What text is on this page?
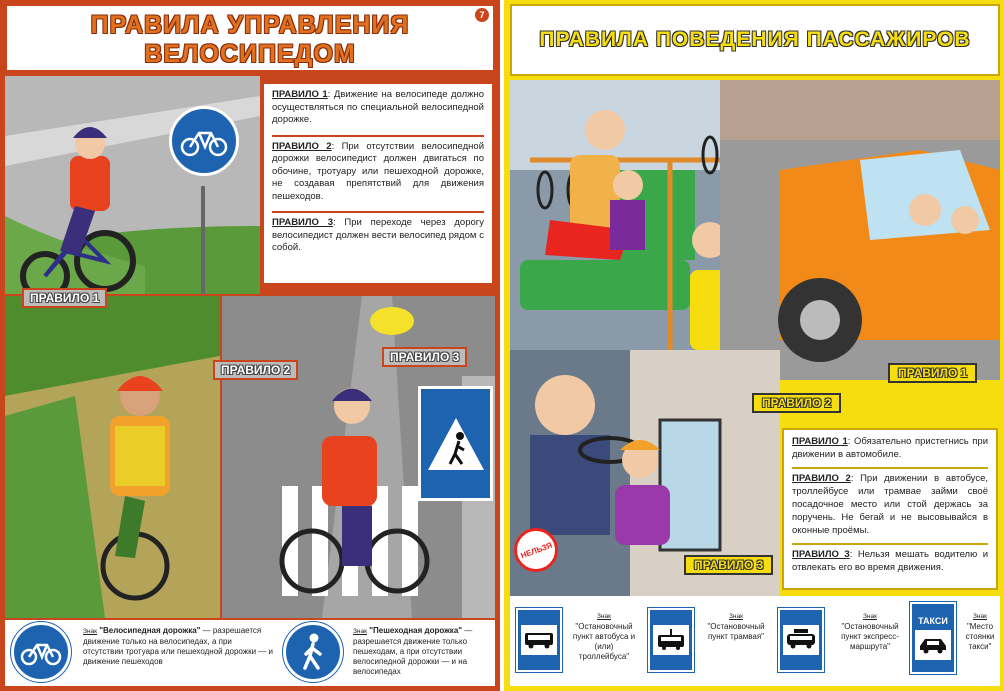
ПРАВИЛА УПРАВЛЕНИЯ
ВЕЛОСИПЕДОМ
7

ПРАВИЛО 1: Движение на велосипеде должно осуществляться по специальной велосипедной дорожке.

ПРАВИЛО 2: При отсутствии велосипедной дорожки велосипедист должен двигаться по обочине, тротуару или пешеходной дорожке, не создавая препятствий для движения пешеходов.

ПРАВИЛО 3: При переходе через дорогу велосипедист должен вести велосипед рядом с собой.

ПРАВИЛО 1
ПРАВИЛО 2
ПРАВИЛО 3
Знак "Велосипедная дорожка" — разрешается движение только на велосипедах, а при отсутствии тротуара или пешеходной дорожки — и движение пешеходов
Знак "Пешеходная дорожка" — разрешается движение только пешеходам, а при отсутствии велосипедной дорожки — и на велосипедах
ПРАВИЛА ПОВЕДЕНИЯ ПАССАЖИРОВ
НЕЛЬЗЯ

ПРАВИЛО 1: Обязательно пристегнись при движении в автомобиле.

ПРАВИЛО 2: При движении в автобусе, троллейбусе или трамвае займи своё посадочное место или стой держась за поручень. Не бегай и не высовывайся в оконные проёмы.

ПРАВИЛО 3: Нельзя мешать водителю и отвлекать его во время движения.

ПРАВИЛО 1
ПРАВИЛО 2
ПРАВИЛО 3
Знак
"Остановочный пункт автобуса и (или) троллейбуса"
Знак
"Остановочный пункт трамвая"
Знак
"Остановочный пункт экспресс-маршрута"
ТАКСИ	Знак
"Место стоянки такси"
